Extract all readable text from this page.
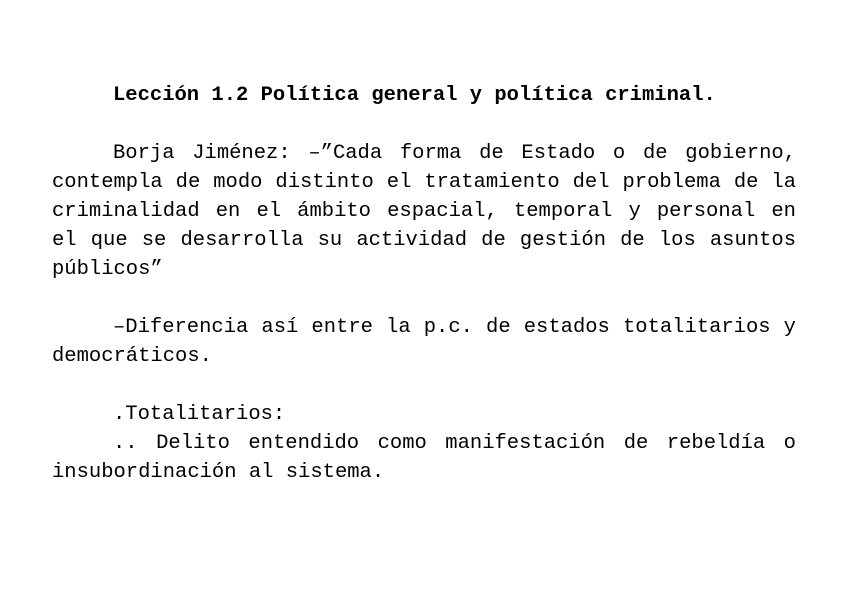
Lección 1.2 Política general y política criminal.

Borja Jiménez: –”Cada forma de Estado o de gobierno, contempla de modo distinto el tratamiento del problema de la criminalidad en el ámbito espacial, temporal y personal en el que se desarrolla su actividad de gestión de los asuntos públicos”

–Diferencia así entre la p.c. de estados totalitarios y democráticos.

.Totalitarios:

.. Delito entendido como manifestación de rebeldía o insubordinación al sistema.
